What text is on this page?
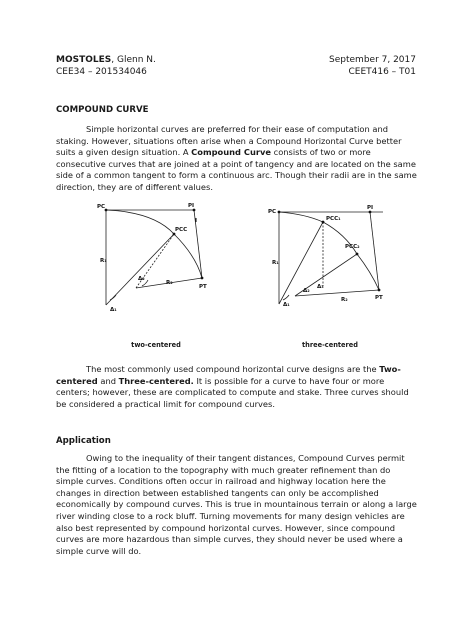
MOSTOLES, Glenn N.
CEE34 – 201534046
September 7, 2017
CEET416 – T01
COMPOUND CURVE

Simple horizontal curves are preferred for their ease of computation and staking. However, situations often arise when a Compound Horizontal Curve better suits a given design situation. A Compound Curve consists of two or more consecutive curves that are joined at a point of tangency and are located on the same side of a common tangent to form a continuous arc. Though their radii are in the same direction, they are of different values.

PC	PI
PCC
PT
R₁
R₂
Δ₁
Δ₂
I
two-centered
PC
PI
PCC₁
PCC₂
PT
R₁
R₂
Δ₁
Δ₂
Δ₃
three-centered

The most commonly used compound horizontal curve designs are the Two-centered and Three-centered. It is possible for a curve to have four or more centers; however, these are complicated to compute and stake. Three curves should be considered a practical limit for compound curves.

Application

Owing to the inequality of their tangent distances, Compound Curves permit the fitting of a location to the topography with much greater refinement than do simple curves. Conditions often occur in railroad and highway location here the changes in direction between established tangents can only be accomplished economically by compound curves. This is true in mountainous terrain or along a large river winding close to a rock bluff. Turning movements for many design vehicles are also best represented by compound horizontal curves. However, since compound curves are more hazardous than simple curves, they should never be used where a simple curve will do.
